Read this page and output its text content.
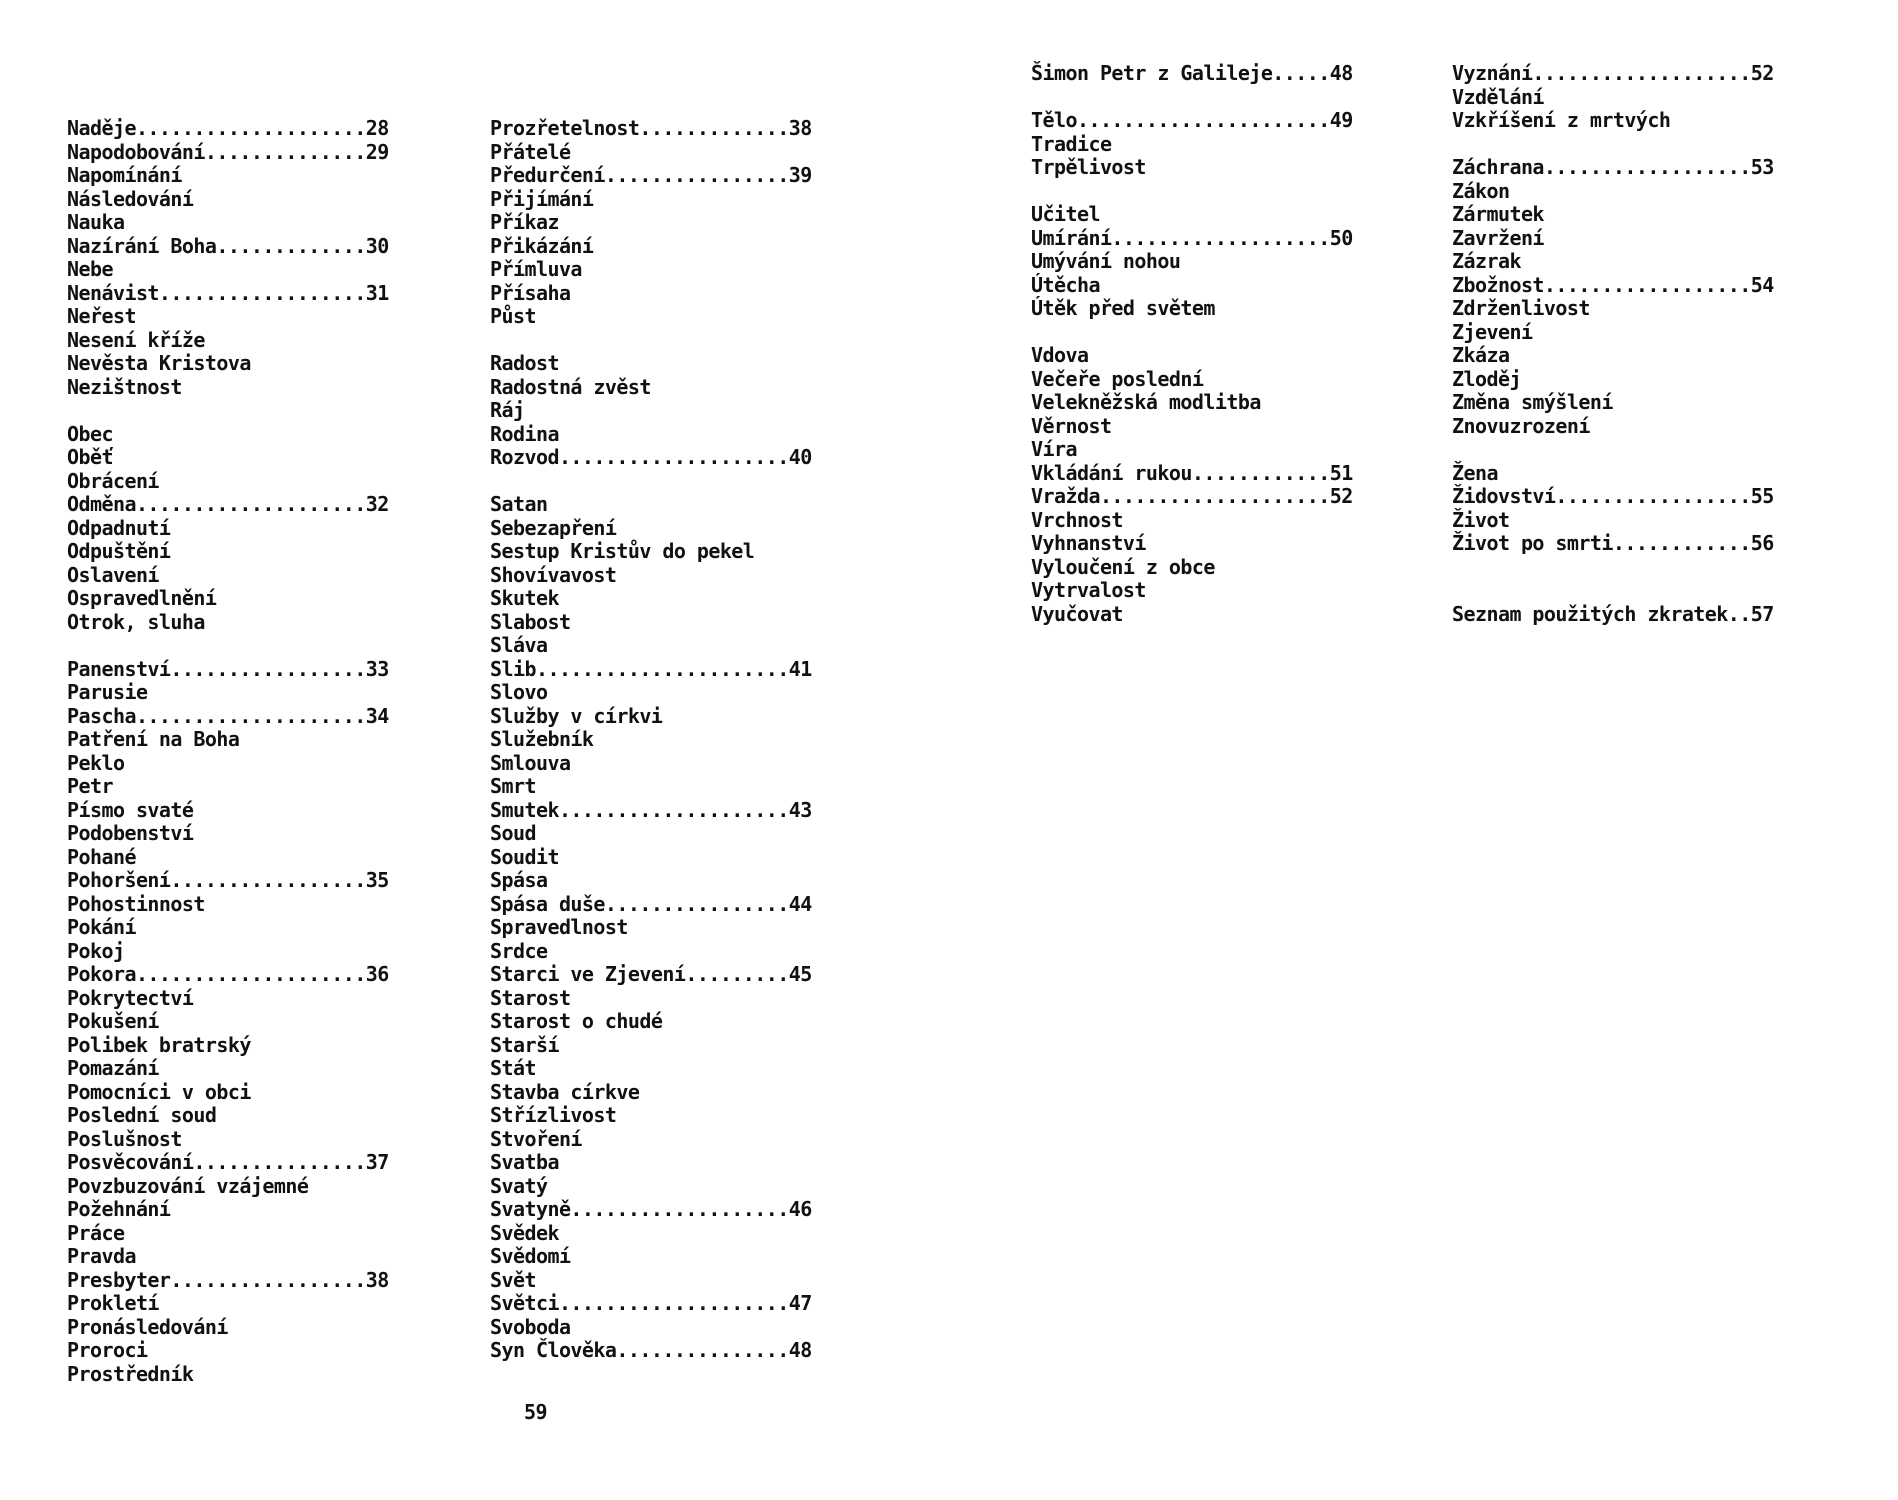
Naděje....................28
Napodobování..............29
Napomínání
Následování
Nauka
Nazírání Boha.............30
Nebe
Nenávist..................31
Neřest
Nesení kříže
Nevěsta Kristova
Nezištnost
Obec
Oběť
Obrácení
Odměna....................32
Odpadnutí
Odpuštění
Oslavení
Ospravedlnění
Otrok, sluha
Panenství.................33
Parusie
Pascha....................34
Patření na Boha
Peklo
Petr
Písmo svaté
Podobenství
Pohané
Pohoršení.................35
Pohostinnost
Pokání
Pokoj
Pokora....................36
Pokrytectví
Pokušení
Polibek bratrský
Pomazání
Pomocníci v obci
Poslední soud
Poslušnost
Posvěcování...............37
Povzbuzování vzájemné
Požehnání
Práce
Pravda
Presbyter.................38
Prokletí
Pronásledování
Proroci
Prostředník
Prozřetelnost.............38
Přátelé
Předurčení................39
Přijímání
Příkaz
Přikázání
Přímluva
Přísaha
Půst
Radost
Radostná zvěst
Ráj
Rodina
Rozvod....................40
Satan
Sebezapření
Sestup Kristův do pekel
Shovívavost
Skutek
Slabost
Sláva
Slib......................41
Slovo
Služby v církvi
Služebník
Smlouva
Smrt
Smutek....................43
Soud
Soudit
Spása
Spása duše................44
Spravedlnost
Srdce
Starci ve Zjevení.........45
Starost
Starost o chudé
Starší
Stát
Stavba církve
Střízlivost
Stvoření
Svatba
Svatý
Svatyně...................46
Svědek
Svědomí
Svět
Světci....................47
Svoboda
Syn Člověka...............48
Šimon Petr z Galileje.....48
Tělo......................49
Tradice
Trpělivost
Učitel
Umírání...................50
Umývání nohou
Útěcha
Útěk před světem
Vdova
Večeře poslední
Velekněžská modlitba
Věrnost
Víra
Vkládání rukou............51
Vražda....................52
Vrchnost
Vyhnanství
Vyloučení z obce
Vytrvalost
Vyučovat
Vyznání...................52
Vzdělání
Vzkříšení z mrtvých
Záchrana..................53
Zákon
Zármutek
Zavržení
Zázrak
Zbožnost..................54
Zdrženlivost
Zjevení
Zkáza
Zloděj
Změna smýšlení
Znovuzrození
Žena
Židovství.................55
Život
Život po smrti............56
Seznam použitých zkratek..57
59
